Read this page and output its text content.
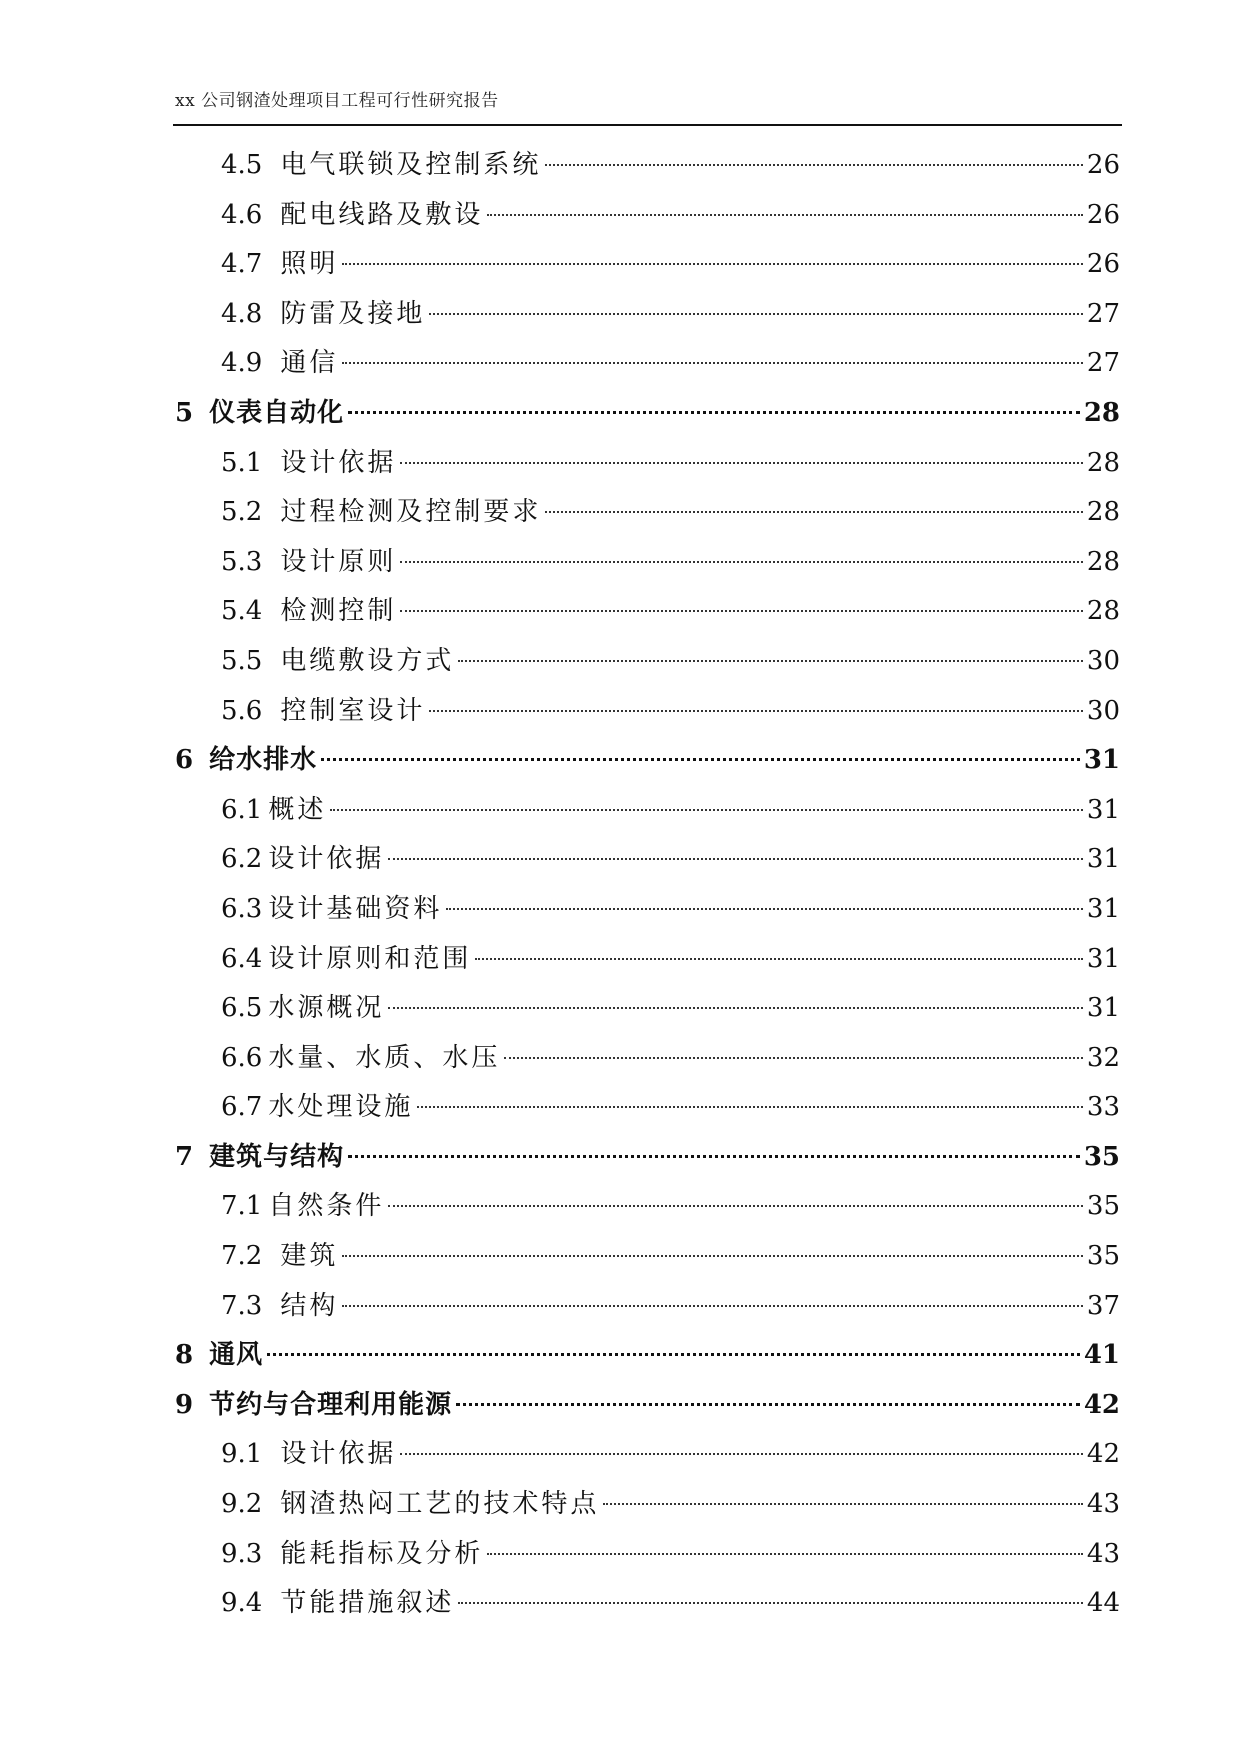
xx 公司钢渣处理项目工程可行性研究报告
4.5 电气联锁及控制系统	26
4.6 配电线路及敷设	26
4.7 照明	26
4.8 防雷及接地	27
4.9 通信	27
5 仪表自动化	28
5.1 设计依据	28
5.2 过程检测及控制要求	28
5.3 设计原则	28
5.4 检测控制	28
5.5 电缆敷设方式	30
5.6 控制室设计	30
6 给水排水	31
6.1 概述	31
6.2 设计依据	31
6.3 设计基础资料	31
6.4 设计原则和范围	31
6.5 水源概况	31
6.6 水量、水质、水压	32
6.7 水处理设施	33
7 建筑与结构	35
7.1 自然条件	35
7.2 建筑	35
7.3 结构	37
8 通风	41
9 节约与合理利用能源	42
9.1 设计依据	42
9.2 钢渣热闷工艺的技术特点	43
9.3 能耗指标及分析	43
9.4 节能措施叙述	44
